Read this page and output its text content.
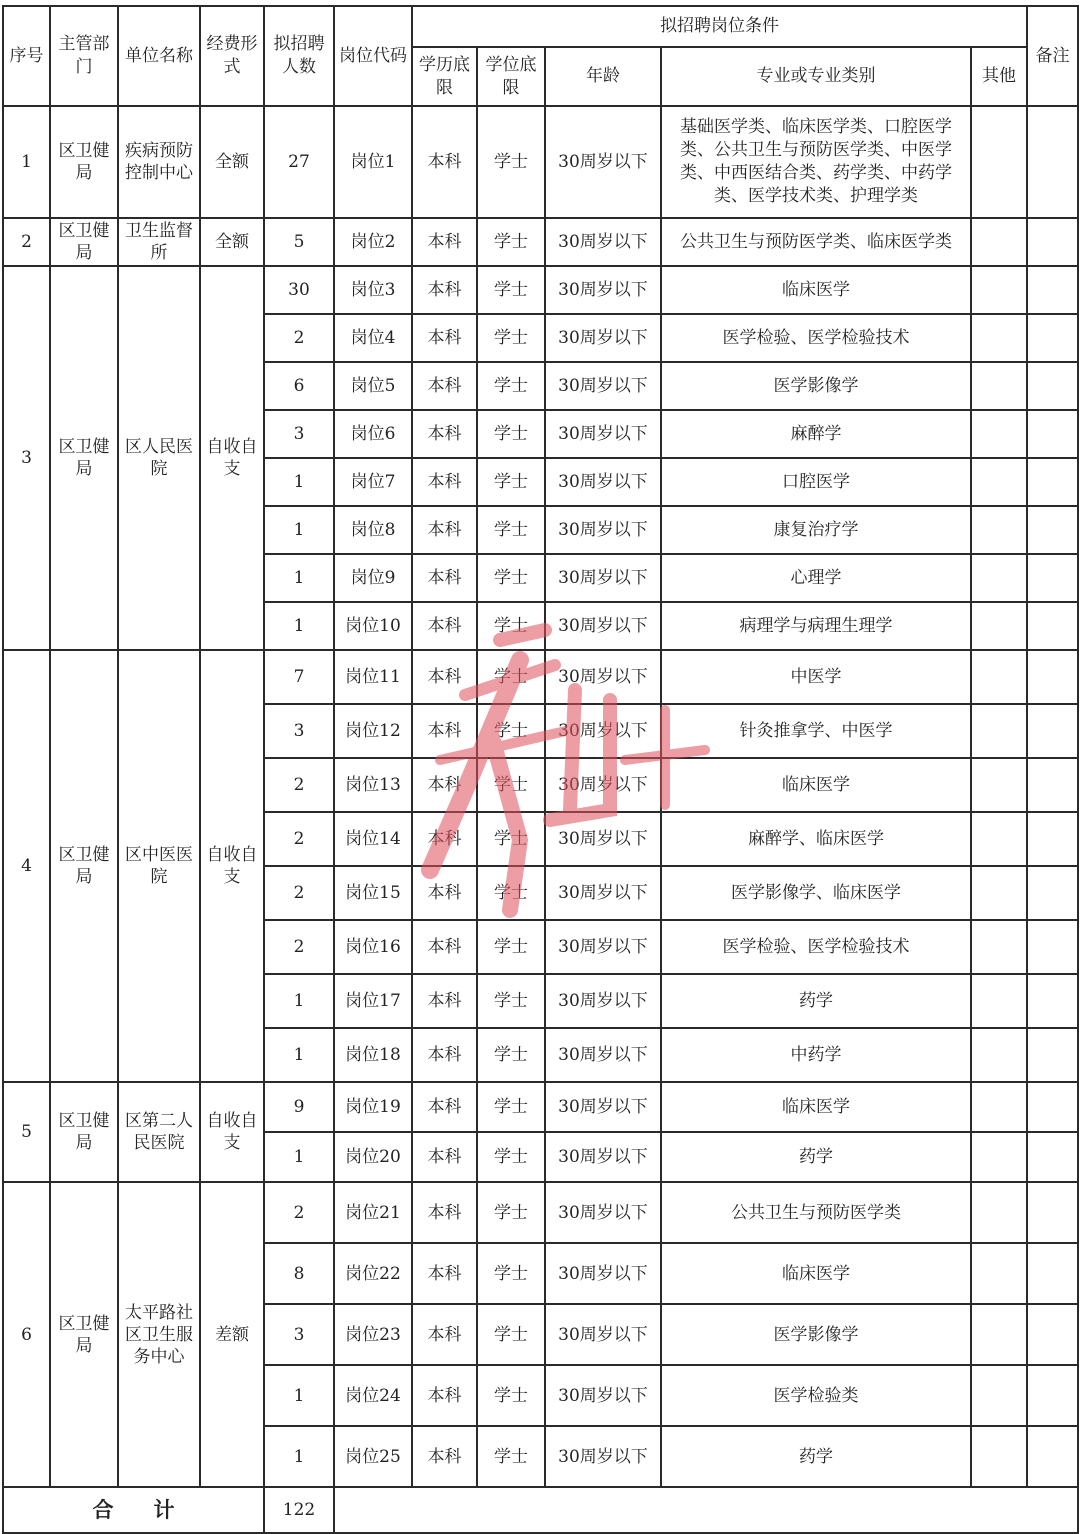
序号	主管部门	单位名称	经费形式	拟招聘人数	岗位代码	拟招聘岗位条件					备注
						学历底限	学位底限	年龄	专业或专业类别	其他	
1	区卫健局	疾病预防控制中心	全额	27	岗位1	本科	学士	30周岁以下	基础医学类、临床医学类、口腔医学类、公共卫生与预防医学类、中医学类、中西医结合类、药学类、中药学类、医学技术类、护理学类		
2	区卫健局	卫生监督所	全额	5	岗位2	本科	学士	30周岁以下	公共卫生与预防医学类、临床医学类		
3	区卫健局	区人民医院	自收自支	30	岗位3	本科	学士	30周岁以下	临床医学		
				2	岗位4	本科	学士	30周岁以下	医学检验、医学检验技术		
				6	岗位5	本科	学士	30周岁以下	医学影像学		
				3	岗位6	本科	学士	30周岁以下	麻醉学		
				1	岗位7	本科	学士	30周岁以下	口腔医学		
				1	岗位8	本科	学士	30周岁以下	康复治疗学		
				1	岗位9	本科	学士	30周岁以下	心理学		
				1	岗位10	本科	学士	30周岁以下	病理学与病理生理学		
4	区卫健局	区中医医院	自收自支	7	岗位11	本科	学士	30周岁以下	中医学		
				3	岗位12	本科	学士	30周岁以下	针灸推拿学、中医学		
				2	岗位13	本科	学士	30周岁以下	临床医学		
				2	岗位14	本科	学士	30周岁以下	麻醉学、临床医学		
				2	岗位15	本科	学士	30周岁以下	医学影像学、临床医学		
				2	岗位16	本科	学士	30周岁以下	医学检验、医学检验技术		
				1	岗位17	本科	学士	30周岁以下	药学		
				1	岗位18	本科	学士	30周岁以下	中药学		
5	区卫健局	区第二人民医院	自收自支	9	岗位19	本科	学士	30周岁以下	临床医学		
				1	岗位20	本科	学士	30周岁以下	药学		
6	区卫健局	太平路社区卫生服务中心	差额	2	岗位21	本科	学士	30周岁以下	公共卫生与预防医学类		
				8	岗位22	本科	学士	30周岁以下	临床医学		
				3	岗位23	本科	学士	30周岁以下	医学影像学		
				1	岗位24	本科	学士	30周岁以下	医学检验类		
				1	岗位25	本科	学士	30周岁以下	药学		
合计				122							
